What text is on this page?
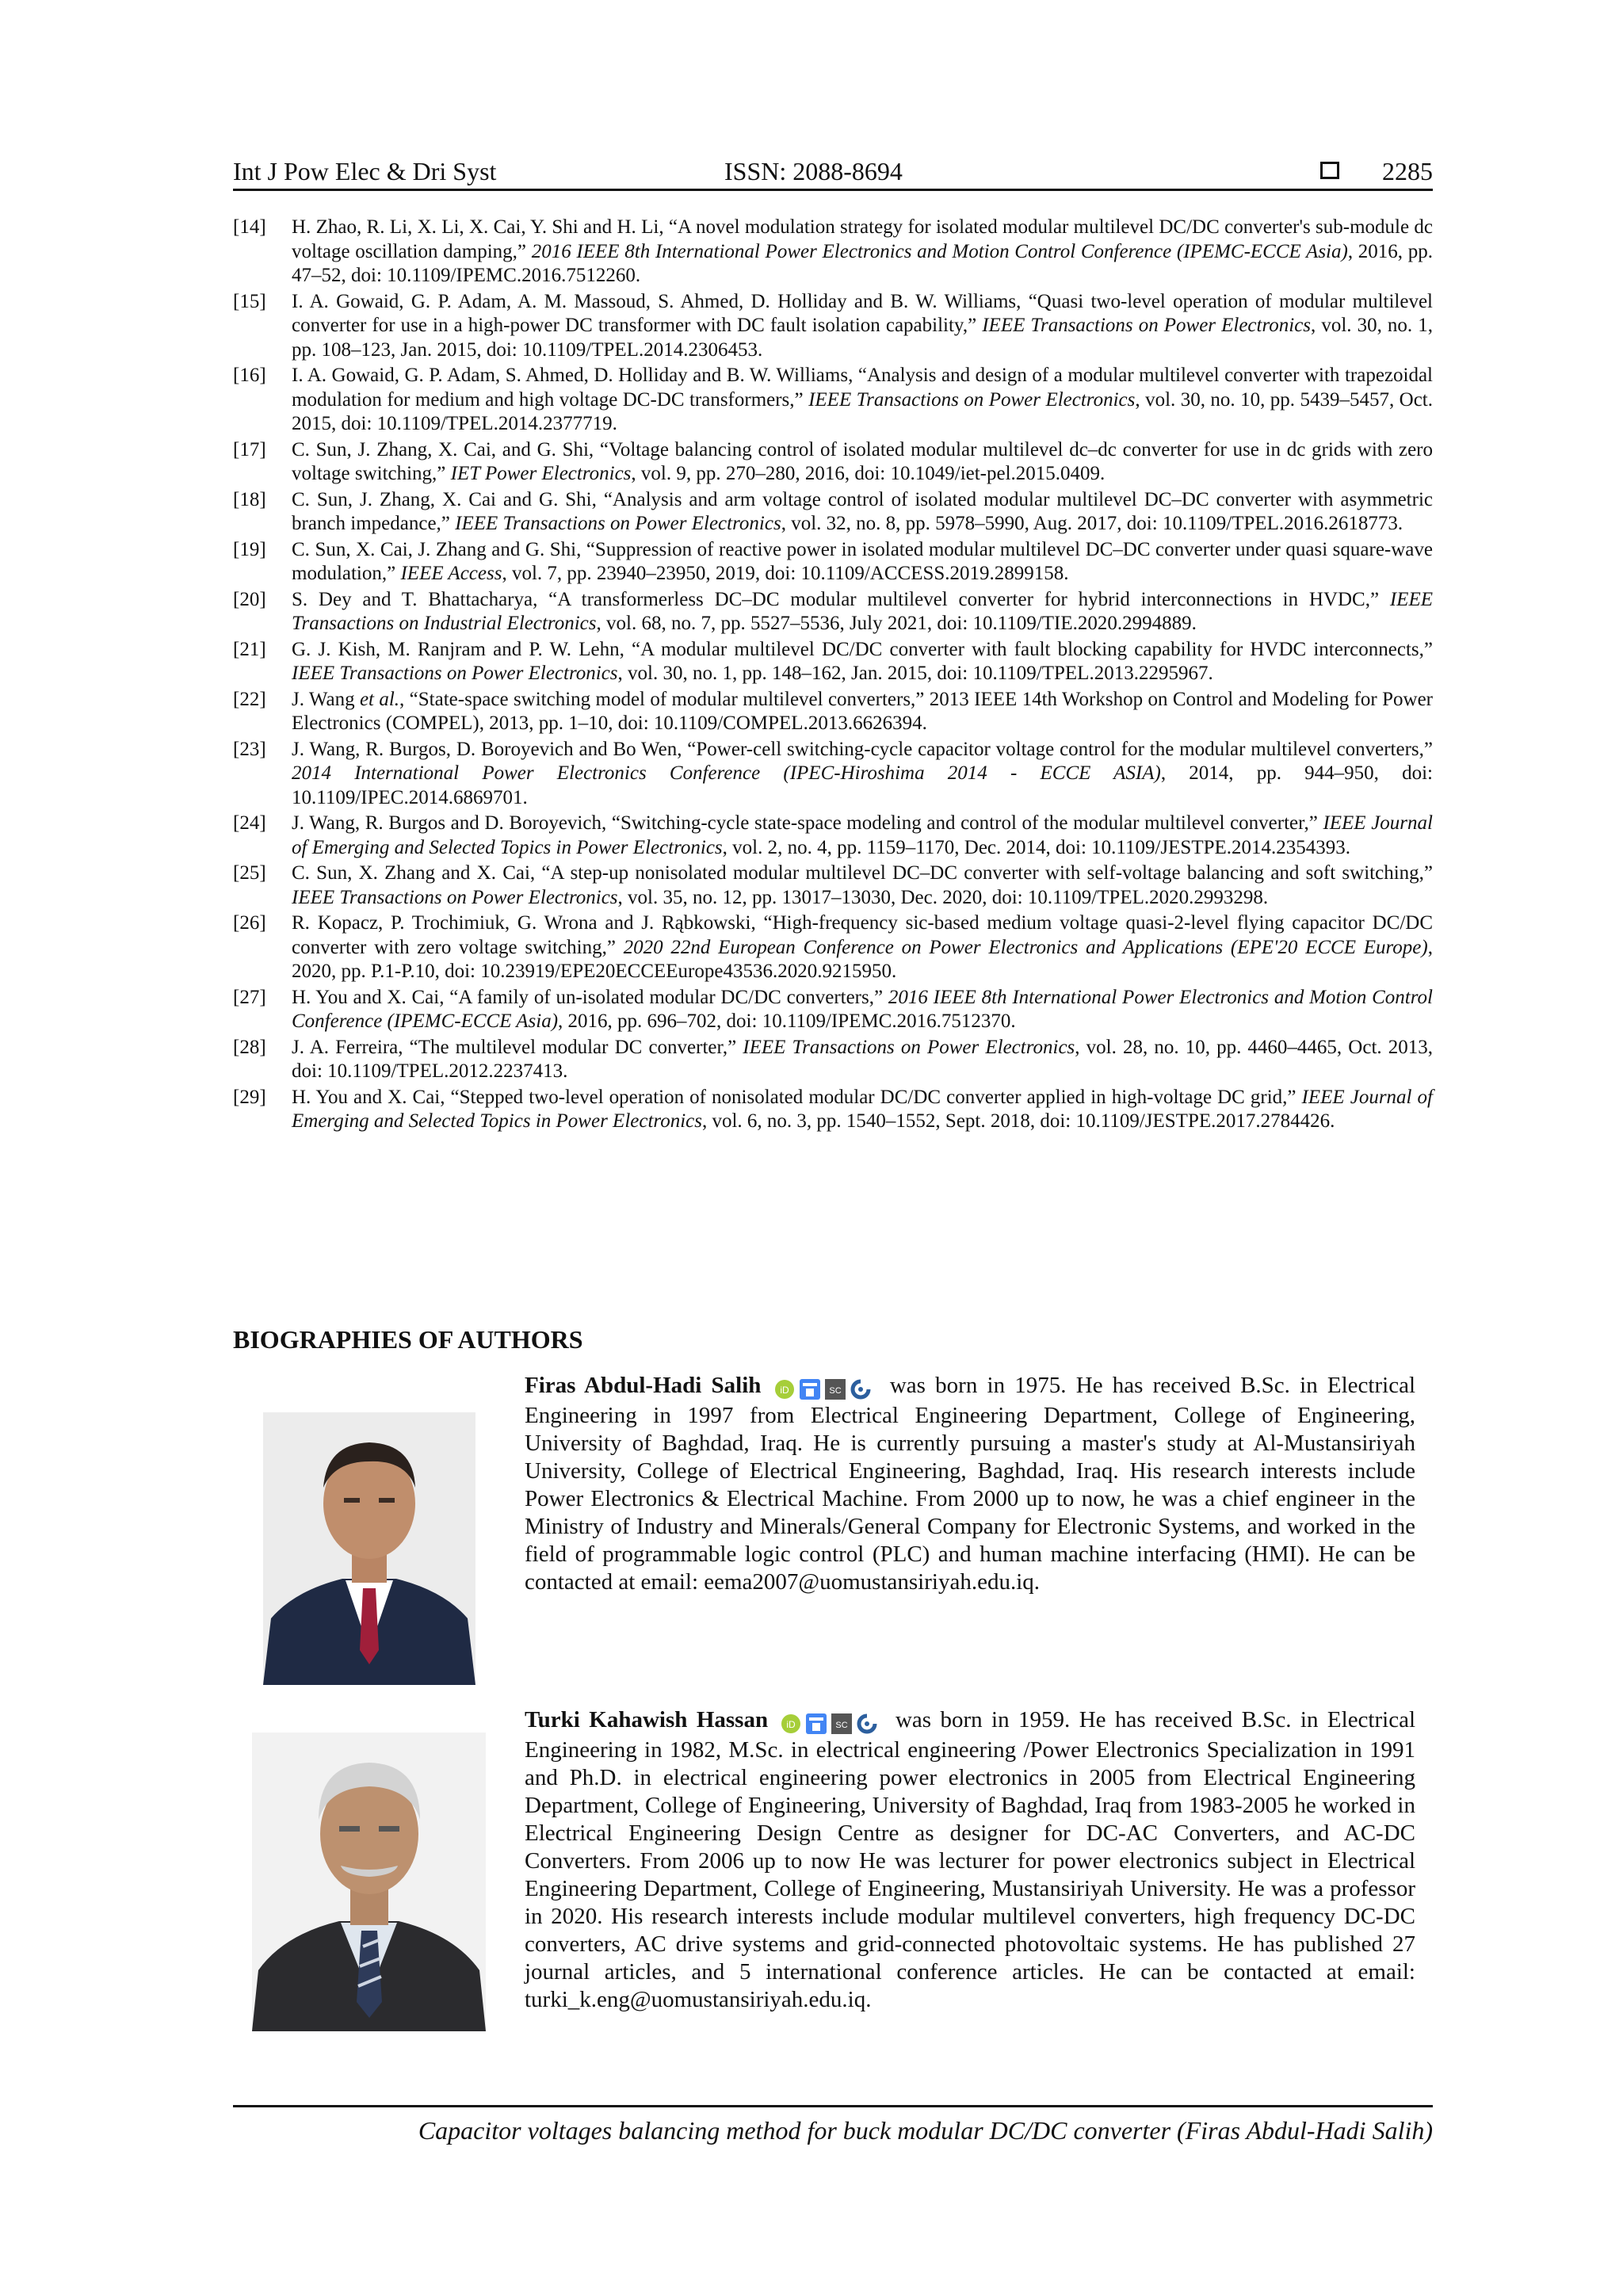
Int J Pow Elec & Dri Syst	ISSN: 2088-8694	2285
[14]	H. Zhao, R. Li, X. Li, X. Cai, Y. Shi and H. Li, “A novel modulation strategy for isolated modular multilevel DC/DC converter's sub-module dc voltage oscillation damping,” 2016 IEEE 8th International Power Electronics and Motion Control Conference (IPEMC-ECCE Asia), 2016, pp. 47–52, doi: 10.1109/IPEMC.2016.7512260.
[15]	I. A. Gowaid, G. P. Adam, A. M. Massoud, S. Ahmed, D. Holliday and B. W. Williams, “Quasi two-level operation of modular multilevel converter for use in a high-power DC transformer with DC fault isolation capability,” IEEE Transactions on Power Electronics, vol. 30, no. 1, pp. 108–123, Jan. 2015, doi: 10.1109/TPEL.2014.2306453.
[16]	I. A. Gowaid, G. P. Adam, S. Ahmed, D. Holliday and B. W. Williams, “Analysis and design of a modular multilevel converter with trapezoidal modulation for medium and high voltage DC-DC transformers,” IEEE Transactions on Power Electronics, vol. 30, no. 10, pp. 5439–5457, Oct. 2015, doi: 10.1109/TPEL.2014.2377719.
[17]	C. Sun, J. Zhang, X. Cai, and G. Shi, “Voltage balancing control of isolated modular multilevel dc–dc converter for use in dc grids with zero voltage switching,” IET Power Electronics, vol. 9, pp. 270–280, 2016, doi: 10.1049/iet-pel.2015.0409.
[18]	C. Sun, J. Zhang, X. Cai and G. Shi, “Analysis and arm voltage control of isolated modular multilevel DC–DC converter with asymmetric branch impedance,” IEEE Transactions on Power Electronics, vol. 32, no. 8, pp. 5978–5990, Aug. 2017, doi: 10.1109/TPEL.2016.2618773.
[19]	C. Sun, X. Cai, J. Zhang and G. Shi, “Suppression of reactive power in isolated modular multilevel DC–DC converter under quasi square-wave modulation,” IEEE Access, vol. 7, pp. 23940–23950, 2019, doi: 10.1109/ACCESS.2019.2899158.
[20]	S. Dey and T. Bhattacharya, “A transformerless DC–DC modular multilevel converter for hybrid interconnections in HVDC,” IEEE Transactions on Industrial Electronics, vol. 68, no. 7, pp. 5527–5536, July 2021, doi: 10.1109/TIE.2020.2994889.
[21]	G. J. Kish, M. Ranjram and P. W. Lehn, “A modular multilevel DC/DC converter with fault blocking capability for HVDC interconnects,” IEEE Transactions on Power Electronics, vol. 30, no. 1, pp. 148–162, Jan. 2015, doi: 10.1109/TPEL.2013.2295967.
[22]	J. Wang et al., “State-space switching model of modular multilevel converters,” 2013 IEEE 14th Workshop on Control and Modeling for Power Electronics (COMPEL), 2013, pp. 1–10, doi: 10.1109/COMPEL.2013.6626394.
[23]	J. Wang, R. Burgos, D. Boroyevich and Bo Wen, “Power-cell switching-cycle capacitor voltage control for the modular multilevel converters,” 2014 International Power Electronics Conference (IPEC-Hiroshima 2014 - ECCE ASIA), 2014, pp. 944–950, doi: 10.1109/IPEC.2014.6869701.
[24]	J. Wang, R. Burgos and D. Boroyevich, “Switching-cycle state-space modeling and control of the modular multilevel converter,” IEEE Journal of Emerging and Selected Topics in Power Electronics, vol. 2, no. 4, pp. 1159–1170, Dec. 2014, doi: 10.1109/JESTPE.2014.2354393.
[25]	C. Sun, X. Zhang and X. Cai, “A step-up nonisolated modular multilevel DC–DC converter with self-voltage balancing and soft switching,” IEEE Transactions on Power Electronics, vol. 35, no. 12, pp. 13017–13030, Dec. 2020, doi: 10.1109/TPEL.2020.2993298.
[26]	R. Kopacz, P. Trochimiuk, G. Wrona and J. Rąbkowski, “High-frequency sic-based medium voltage quasi-2-level flying capacitor DC/DC converter with zero voltage switching,” 2020 22nd European Conference on Power Electronics and Applications (EPE'20 ECCE Europe), 2020, pp. P.1-P.10, doi: 10.23919/EPE20ECCEEurope43536.2020.9215950.
[27]	H. You and X. Cai, “A family of un-isolated modular DC/DC converters,” 2016 IEEE 8th International Power Electronics and Motion Control Conference (IPEMC-ECCE Asia), 2016, pp. 696–702, doi: 10.1109/IPEMC.2016.7512370.
[28]	J. A. Ferreira, “The multilevel modular DC converter,” IEEE Transactions on Power Electronics, vol. 28, no. 10, pp. 4460–4465, Oct. 2013, doi: 10.1109/TPEL.2012.2237413.
[29]	H. You and X. Cai, “Stepped two-level operation of nonisolated modular DC/DC converter applied in high-voltage DC grid,” IEEE Journal of Emerging and Selected Topics in Power Electronics, vol. 6, no. 3, pp. 1540–1552, Sept. 2018, doi: 10.1109/JESTPE.2017.2784426.
BIOGRAPHIES OF AUTHORS
Firas Abdul-Hadi Salih iD	SC was born in 1975. He has received B.Sc. in Electrical Engineering in 1997 from Electrical Engineering Department, College of Engineering, University of Baghdad, Iraq. He is currently pursuing a master's study at Al-Mustansiriyah University, College of Electrical Engineering, Baghdad, Iraq. His research interests include Power Electronics & Electrical Machine. From 2000 up to now, he was a chief engineer in the Ministry of Industry and Minerals/General Company for Electronic Systems, and worked in the field of programmable logic control (PLC) and human machine interfacing (HMI). He can be contacted at email: eema2007@uomustansiriyah.edu.iq.
Turki Kahawish Hassan iD	SC was born in 1959. He has received B.Sc. in Electrical Engineering in 1982, M.Sc. in electrical engineering /Power Electronics Specialization in 1991 and Ph.D. in electrical engineering power electronics in 2005 from Electrical Engineering Department, College of Engineering, University of Baghdad, Iraq from 1983-2005 he worked in Electrical Engineering Design Centre as designer for DC-AC Converters, and AC-DC Converters. From 2006 up to now He was lecturer for power electronics subject in Electrical Engineering Department, College of Engineering, Mustansiriyah University. He was a professor in 2020. His research interests include modular multilevel converters, high frequency DC-DC converters, AC drive systems and grid-connected photovoltaic systems. He has published 27 journal articles, and 5 international conference articles. He can be contacted at email: turki_k.eng@uomustansiriyah.edu.iq.
Capacitor voltages balancing method for buck modular DC/DC converter (Firas Abdul-Hadi Salih)
